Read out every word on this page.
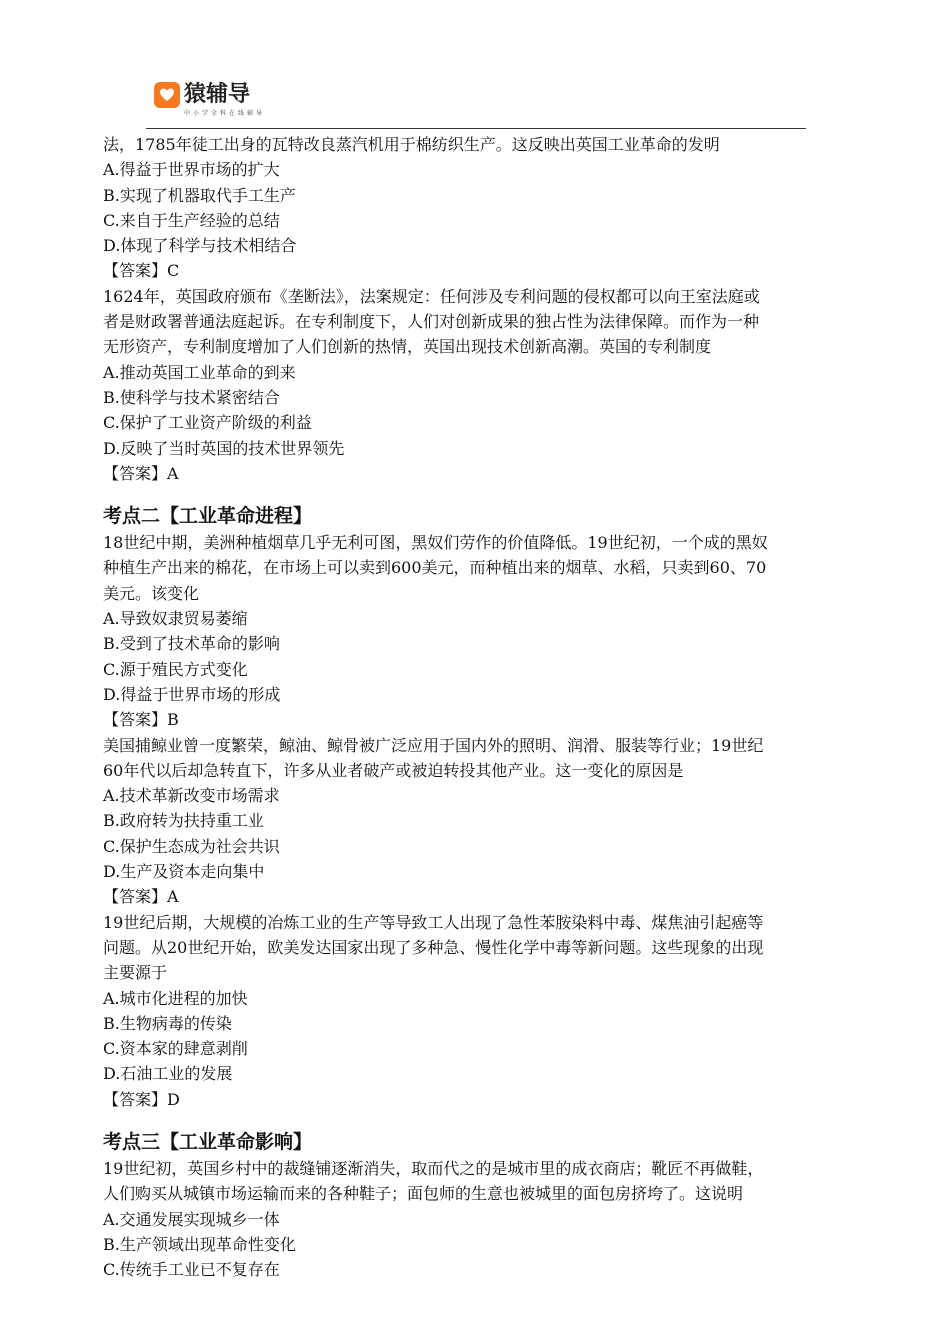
猿辅导
中小学全科在线辅导
法，1785年徒工出身的瓦特改良蒸汽机用于棉纺织生产。这反映出英国工业革命的发明
A.得益于世界市场的扩大
B.实现了机器取代手工生产
C.来自于生产经验的总结
D.体现了科学与技术相结合
【答案】C
1624年，英国政府颁布《垄断法》，法案规定：任何涉及专利问题的侵权都可以向王室法庭或
者是财政署普通法庭起诉。在专利制度下，人们对创新成果的独占性为法律保障。而作为一种
无形资产，专利制度增加了人们创新的热情，英国出现技术创新高潮。英国的专利制度
A.推动英国工业革命的到来
B.使科学与技术紧密结合
C.保护了工业资产阶级的利益
D.反映了当时英国的技术世界领先
【答案】A
考点二【工业革命进程】
18世纪中期，美洲种植烟草几乎无利可图，黑奴们劳作的价值降低。19世纪初，一个成的黑奴
种植生产出来的棉花，在市场上可以卖到600美元，而种植出来的烟草、水稻，只卖到60、70
美元。该变化
A.导致奴隶贸易萎缩
B.受到了技术革命的影响
C.源于殖民方式变化
D.得益于世界市场的形成
【答案】B
美国捕鲸业曾一度繁荣，鲸油、鲸骨被广泛应用于国内外的照明、润滑、服装等行业；19世纪
60年代以后却急转直下，许多从业者破产或被迫转投其他产业。这一变化的原因是
A.技术革新改变市场需求
B.政府转为扶持重工业
C.保护生态成为社会共识
D.生产及资本走向集中
【答案】A
19世纪后期，大规模的冶炼工业的生产等导致工人出现了急性苯胺染料中毒、煤焦油引起癌等
问题。从20世纪开始，欧美发达国家出现了多种急、慢性化学中毒等新问题。这些现象的出现
主要源于
A.城市化进程的加快
B.生物病毒的传染
C.资本家的肆意剥削
D.石油工业的发展
【答案】D
考点三【工业革命影响】
19世纪初，英国乡村中的裁缝铺逐渐消失，取而代之的是城市里的成衣商店；靴匠不再做鞋，
人们购买从城镇市场运输而来的各种鞋子；面包师的生意也被城里的面包房挤垮了。这说明
A.交通发展实现城乡一体
B.生产领域出现革命性变化
C.传统手工业已不复存在
